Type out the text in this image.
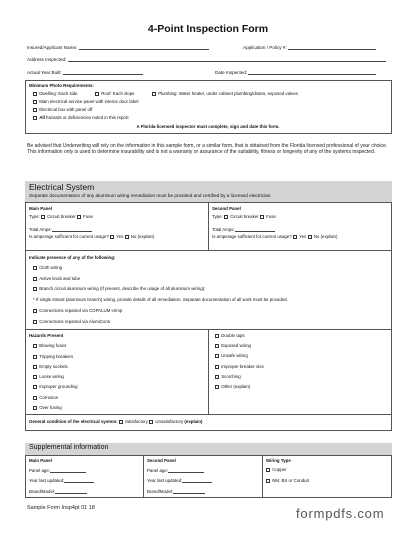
4-Point Inspection Form
Insured/Applicant Name:	Application / Policy #:
Address Inspected:
Actual Year Built:	Date Inspected:
Minimum Photo Requirements:
Dwelling: Each side	Roof: Each slope	Plumbing: Water heater, under cabinet plumbing/drains, exposed valves
Main electrical service panel with interior door label
Electrical box with panel off
All hazards or deficiencies noted in this report
A Florida-licensed inspector must complete, sign and date this form.
Be advised that Underwriting will rely on the information in this sample form, or a similar form, that is obtained from the Florida licensed professional of your choice. This information only is used to determine insurability and is not a warranty or assurance of the suitability, fitness or longevity of any of the systems inspected.
Electrical System
Separate documentation of any aluminum wiring remediation must be provided and certified by a licensed electrician.
Main Panel
Type: Circuit breaker Fuse
Total Amps:
Is amperage sufficient for current usage? Yes No (explain)
Second Panel
Type: Circuit breaker Fuse
Total Amps:
Is amperage sufficient for current usage? Yes No (explain)
Indicate presence of any of the following:
Cloth wiring
Active knob and tube
Branch circuit aluminum wiring (If present, describe the usage of all aluminum wiring):
* If single strand (aluminum branch) wiring, provide details of all remediation. Separate documentation of all work must be provided.
Connections repaired via COPALUM crimp
Connections repaired via AlumiConn
Hazards Present
Blowing fuses
Tripping breakers
Empty sockets
Loose wiring
Improper grounding
Corrosion
Over fusing
Double taps
Exposed wiring
Unsafe wiring
Improper breaker size
Scorching
Other (explain)
General condition of the electrical system: Satisfactory Unsatisfactory (explain)
Supplemental information
Main Panel
Panel age:
Year last updated:
Brand/Model:
Second Panel
Panel age:
Year last updated:
Brand/Model:
Wiring Type
Copper
NM, BX or Conduit
Sample Form Insp4pt 01 18	formpdfs.com
